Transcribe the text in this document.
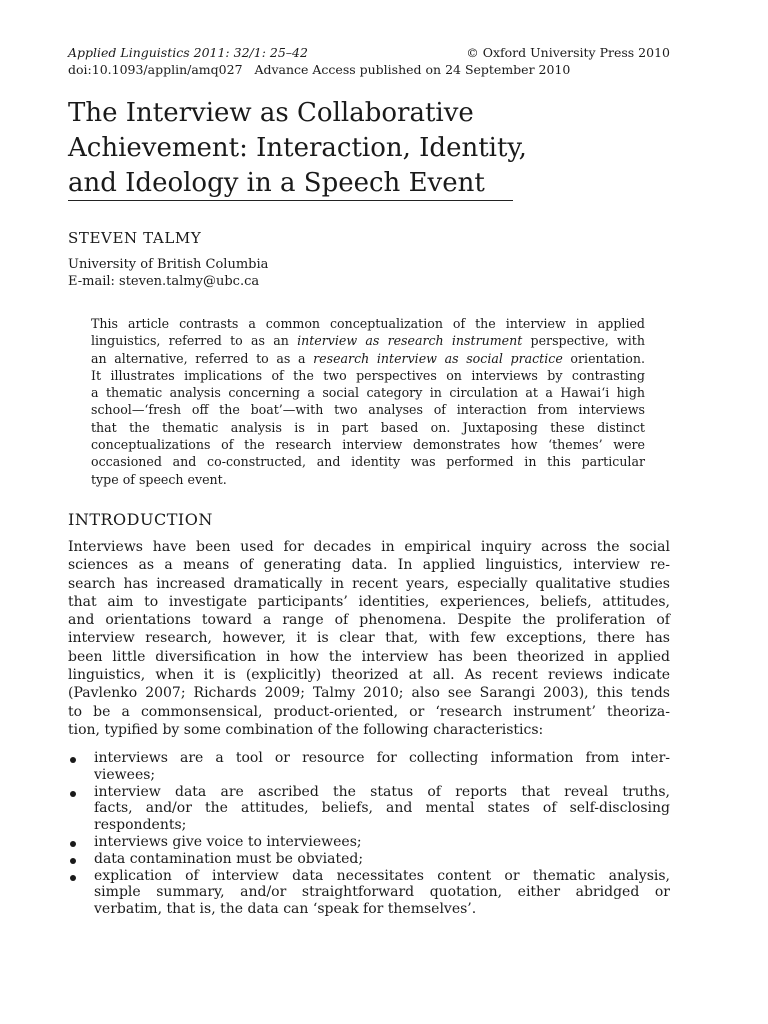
Applied Linguistics 2011: 32/1: 25–42	© Oxford University Press 2010
doi:10.1093/applin/amq027   Advance Access published on 24 September 2010
The Interview as Collaborative
Achievement: Interaction, Identity,
and Ideology in a Speech Event
STEVEN TALMY
University of British Columbia
E-mail: steven.talmy@ubc.ca
This article contrasts a common conceptualization of the interview in applied
linguistics, referred to as an interview as research instrument perspective, with
an alternative, referred to as a research interview as social practice orientation.
It illustrates implications of the two perspectives on interviews by contrasting
a thematic analysis concerning a social category in circulation at a Hawai‘i high
school—‘fresh off the boat’—with two analyses of interaction from interviews
that the thematic analysis is in part based on. Juxtaposing these distinct
conceptualizations of the research interview demonstrates how ‘themes’ were
occasioned and co-constructed, and identity was performed in this particular
type of speech event.
INTRODUCTION
Interviews have been used for decades in empirical inquiry across the social
sciences as a means of generating data. In applied linguistics, interview re-
search has increased dramatically in recent years, especially qualitative studies
that aim to investigate participants’ identities, experiences, beliefs, attitudes,
and orientations toward a range of phenomena. Despite the proliferation of
interview research, however, it is clear that, with few exceptions, there has
been little diversification in how the interview has been theorized in applied
linguistics, when it is (explicitly) theorized at all. As recent reviews indicate
(Pavlenko 2007; Richards 2009; Talmy 2010; also see Sarangi 2003), this tends
to be a commonsensical, product-oriented, or ‘research instrument’ theoriza-
tion, typified by some combination of the following characteristics:
interviews are a tool or resource for collecting information from inter-
viewees;
interview data are ascribed the status of reports that reveal truths,
facts, and/or the attitudes, beliefs, and mental states of self-disclosing
respondents;
interviews give voice to interviewees;
data contamination must be obviated;
explication of interview data necessitates content or thematic analysis,
simple summary, and/or straightforward quotation, either abridged or
verbatim, that is, the data can ‘speak for themselves’.
